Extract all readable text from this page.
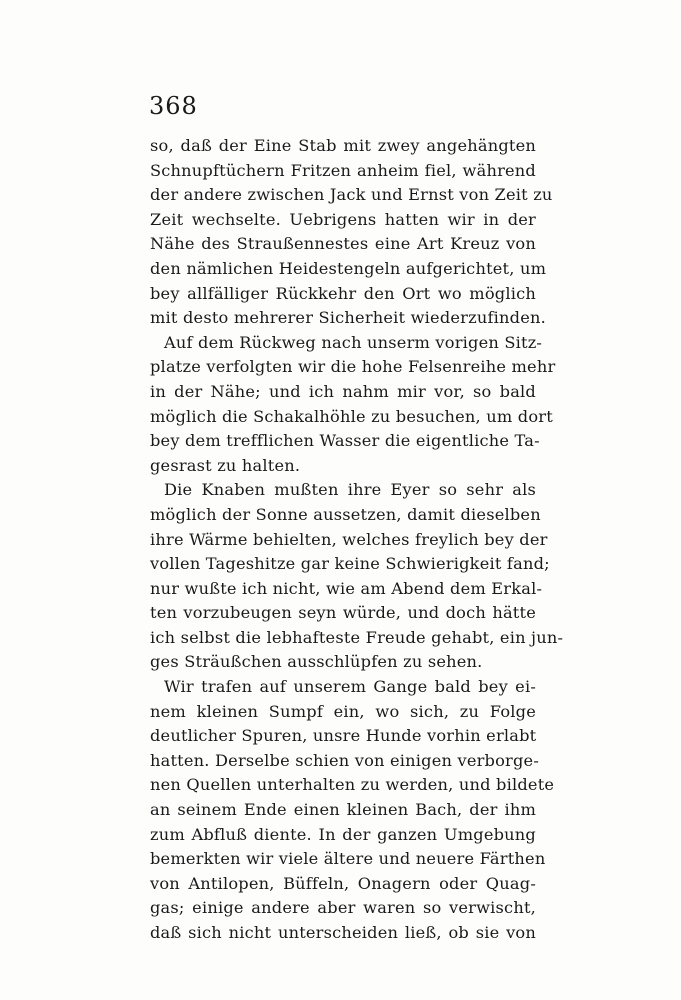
368
so, daß der Eine Stab mit zwey angehängten
Schnupftüchern Fritzen anheim fiel, während
der andere zwischen Jack und Ernst von Zeit zu
Zeit wechselte. Uebrigens hatten wir in der
Nähe des Straußennestes eine Art Kreuz von
den nämlichen Heidestengeln aufgerichtet, um
bey allfälliger Rückkehr den Ort wo möglich
mit desto mehrerer Sicherheit wiederzufinden.
Auf dem Rückweg nach unserm vorigen Sitz-
platze verfolgten wir die hohe Felsenreihe mehr
in der Nähe; und ich nahm mir vor, so bald
möglich die Schakalhöhle zu besuchen, um dort
bey dem trefflichen Wasser die eigentliche Ta-
gesrast zu halten.
Die Knaben mußten ihre Eyer so sehr als
möglich der Sonne aussetzen, damit dieselben
ihre Wärme behielten, welches freylich bey der
vollen Tageshitze gar keine Schwierigkeit fand;
nur wußte ich nicht, wie am Abend dem Erkal-
ten vorzubeugen seyn würde, und doch hätte
ich selbst die lebhafteste Freude gehabt, ein jun-
ges Sträußchen ausschlüpfen zu sehen.
Wir trafen auf unserem Gange bald bey ei-
nem kleinen Sumpf ein, wo sich, zu Folge
deutlicher Spuren, unsre Hunde vorhin erlabt
hatten. Derselbe schien von einigen verborge-
nen Quellen unterhalten zu werden, und bildete
an seinem Ende einen kleinen Bach, der ihm
zum Abfluß diente. In der ganzen Umgebung
bemerkten wir viele ältere und neuere Färthen
von Antilopen, Büffeln, Onagern oder Quag-
gas; einige andere aber waren so verwischt,
daß sich nicht unterscheiden ließ, ob sie von
